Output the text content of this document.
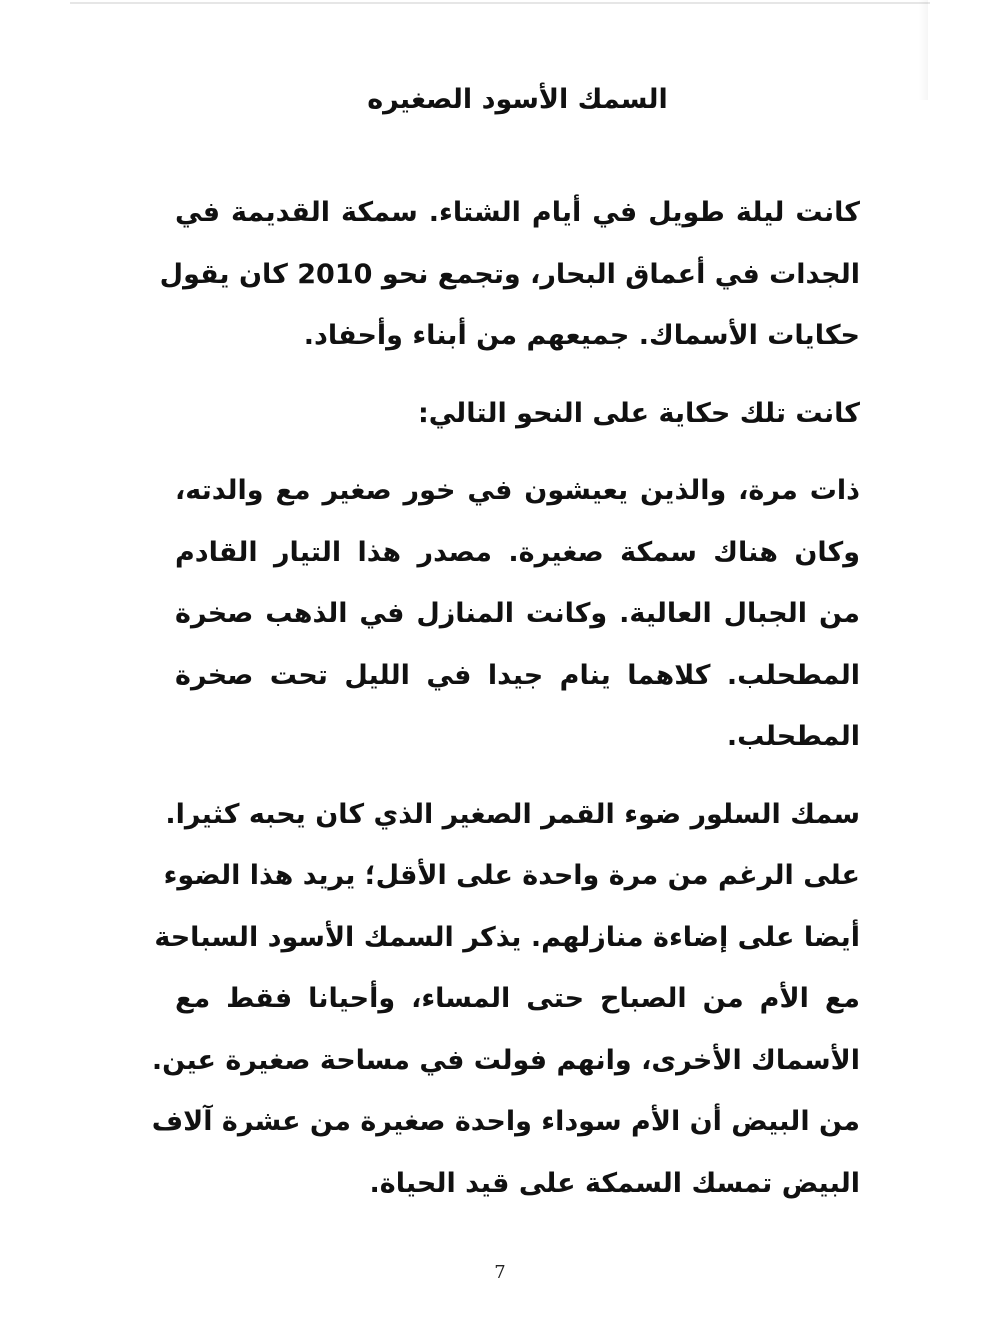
السمك الأسود الصغيره
كانت ليلة طويل في أيام الشتاء. سمكة القديمة في
الجدات في أعماق البحار، وتجمع نحو 2010 كان يقول
حكايات الأسماك. جميعهم من أبناء وأحفاد.
كانت تلك حكاية على النحو التالي:
ذات مرة، والذين يعيشون في خور صغير مع والدته،
وكان هناك سمكة صغيرة. مصدر هذا التيار القادم
من الجبال العالية. وكانت المنازل في الذهب صخرة
المطحلب. كلاهما ينام جيدا في الليل تحت صخرة
المطحلب.
سمك السلور ضوء القمر الصغير الذي كان يحبه كثيرا.
على الرغم من مرة واحدة على الأقل؛ يريد هذا الضوء
أيضا على إضاءة منازلهم. يذكر السمك الأسود السباحة
مع الأم من الصباح حتى المساء، وأحيانا فقط مع
الأسماك الأخرى، وانهم فولت في مساحة صغيرة عين.
من البيض أن الأم سوداء واحدة صغيرة من عشرة آلاف
البيض تمسك السمكة على قيد الحياة.
7
